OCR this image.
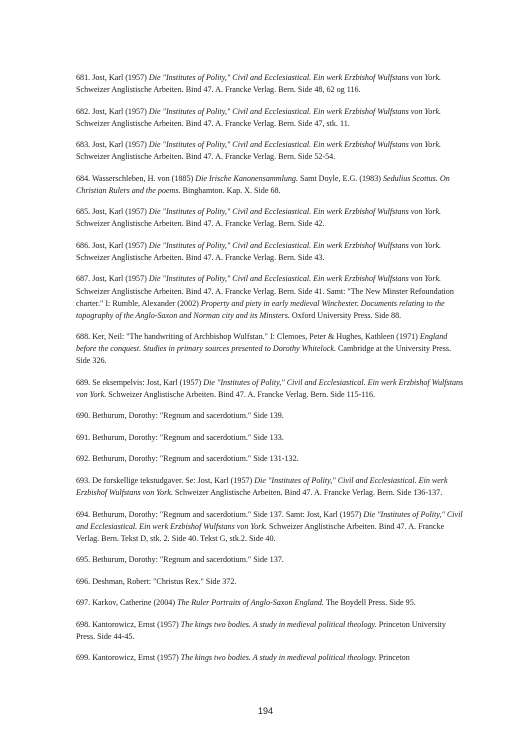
681. Jost, Karl (1957) Die "Institutes of Polity," Civil and Ecclesiastical. Ein werk Erzbishof Wulfstans von York. Schweizer Anglistische Arbeiten. Bind 47. A. Francke Verlag. Bern. Side 48, 62 og 116.

682. Jost, Karl (1957) Die "Institutes of Polity," Civil and Ecclesiastical. Ein werk Erzbishof Wulfstans von York. Schweizer Anglistische Arbeiten. Bind 47. A. Francke Verlag. Bern. Side 47, stk. 11.

683. Jost, Karl (1957) Die "Institutes of Polity," Civil and Ecclesiastical. Ein werk Erzbishof Wulfstans von York. Schweizer Anglistische Arbeiten. Bind 47. A. Francke Verlag. Bern. Side 52-54.

684. Wasserschleben, H. von (1885) Die Irische Kanonensammlung. Samt Doyle, E.G. (1983) Sedulius Scottus. On Christian Rulers and the poems. Binghamton. Kap. X. Side 68.

685. Jost, Karl (1957) Die "Institutes of Polity," Civil and Ecclesiastical. Ein werk Erzbishof Wulfstans von York. Schweizer Anglistische Arbeiten. Bind 47. A. Francke Verlag. Bern. Side 42.

686. Jost, Karl (1957) Die "Institutes of Polity," Civil and Ecclesiastical. Ein werk Erzbishof Wulfstans von York. Schweizer Anglistische Arbeiten. Bind 47. A. Francke Verlag. Bern. Side 43.

687. Jost, Karl (1957) Die "Institutes of Polity," Civil and Ecclesiastical. Ein werk Erzbishof Wulfstans von York. Schweizer Anglistische Arbeiten. Bind 47. A. Francke Verlag. Bern. Side 41. Samt: "The New Minster Refoundation charter." I: Rumble, Alexander (2002) Property and piety in early medieval Winchester. Documents relating to the topography of the Anglo-Saxon and Norman city and its Minsters. Oxford University Press. Side 88.

688. Ker, Neil: "The handwriting of Archbishop Wulfstan." I: Clemoes, Peter & Hughes, Kathleen (1971) England before the conquest. Studies in primary sources presented to Dorothy Whitelock. Cambridge at the University Press. Side 326.

689. Se eksempelvis: Jost, Karl (1957) Die "Institutes of Polity," Civil and Ecclesiastical. Ein werk Erzbishof Wulfstans von York. Schweizer Anglistische Arbeiten. Bind 47. A. Francke Verlag. Bern. Side 115-116.

690. Bethurum, Dorothy: "Regnum and sacerdotium." Side 139.

691. Bethurum, Dorothy: "Regnum and sacerdotium." Side 133.

692. Bethurum, Dorothy: "Regnum and sacerdotium." Side 131-132.

693. De forskellige tekstudgaver. Se: Jost, Karl (1957) Die "Institutes of Polity," Civil and Ecclesiastical. Ein werk Erzbishof Wulfstans von York. Schweizer Anglistische Arbeiten. Bind 47. A. Francke Verlag. Bern. Side 136-137.

694. Bethurum, Dorothy: "Regnum and sacerdotium." Side 137. Samt: Jost, Karl (1957) Die "Institutes of Polity," Civil and Ecclesiastical. Ein werk Erzbishof Wulfstans von York. Schweizer Anglistische Arbeiten. Bind 47. A. Francke Verlag. Bern. Tekst D, stk. 2. Side 40. Tekst G, stk.2. Side 40.

695. Bethurum, Dorothy: "Regnum and sacerdotium." Side 137.

696. Deshman, Robert: "Christus Rex." Side 372.

697. Karkov, Catherine (2004) The Ruler Portraits of Anglo-Saxon England. The Boydell Press. Side 95.

698. Kantorowicz, Ernst (1957) The kings two bodies. A study in medieval political theology. Princeton University Press. Side 44-45.

699. Kantorowicz, Ernst (1957) The kings two bodies. A study in medieval political theology. Princeton

194
